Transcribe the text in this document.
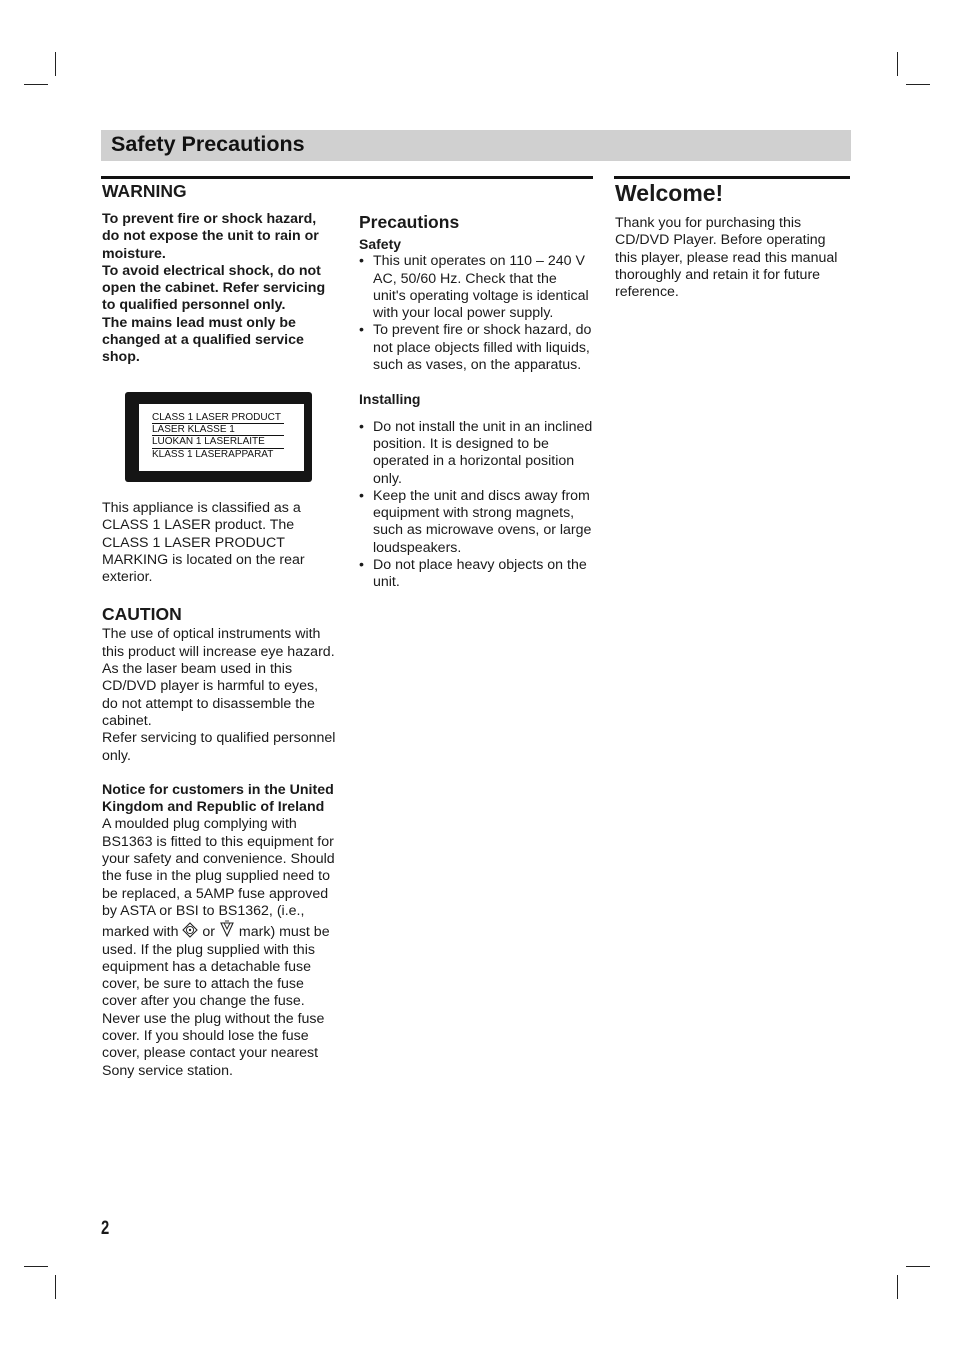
Safety Precautions

WARNING

To prevent fire or shock hazard, do not expose the unit to rain or moisture.

To avoid electrical shock, do not open the cabinet. Refer servicing to qualified personnel only.

The mains lead must only be changed at a qualified service shop.

CLASS 1 LASER PRODUCT
LASER KLASSE 1
LUOKAN 1 LASERLAITE
KLASS 1 LASERAPPARAT

This appliance is classified as a CLASS 1 LASER product. The CLASS 1 LASER PRODUCT MARKING is located on the rear exterior.

CAUTION

The use of optical instruments with this product will increase eye hazard. As the laser beam used in this CD/DVD player is harmful to eyes, do not attempt to disassemble the cabinet.

Refer servicing to qualified personnel only.

Notice for customers in the United Kingdom and Republic of Ireland

A moulded plug complying with BS1363 is fitted to this equipment for your safety and convenience. Should the fuse in the plug supplied need to be replaced, a 5AMP fuse approved by ASTA or BSI to BS1362, (i.e., marked with or mark) must be used. If the plug supplied with this equipment has a detachable fuse cover, be sure to attach the fuse cover after you change the fuse.

Never use the plug without the fuse cover. If you should lose the fuse cover, please contact your nearest Sony service station.

Precautions

Safety

• This unit operates on 110 – 240 V AC, 50/60 Hz. Check that the unit's operating voltage is identical with your local power supply.
• To prevent fire or shock hazard, do not place objects filled with liquids, such as vases, on the apparatus.

Installing

• Do not install the unit in an inclined position. It is designed to be operated in a horizontal position only.
• Keep the unit and discs away from equipment with strong magnets, such as microwave ovens, or large loudspeakers.
• Do not place heavy objects on the unit.

Welcome!

Thank you for purchasing this CD/DVD Player. Before operating this player, please read this manual thoroughly and retain it for future reference.

2
